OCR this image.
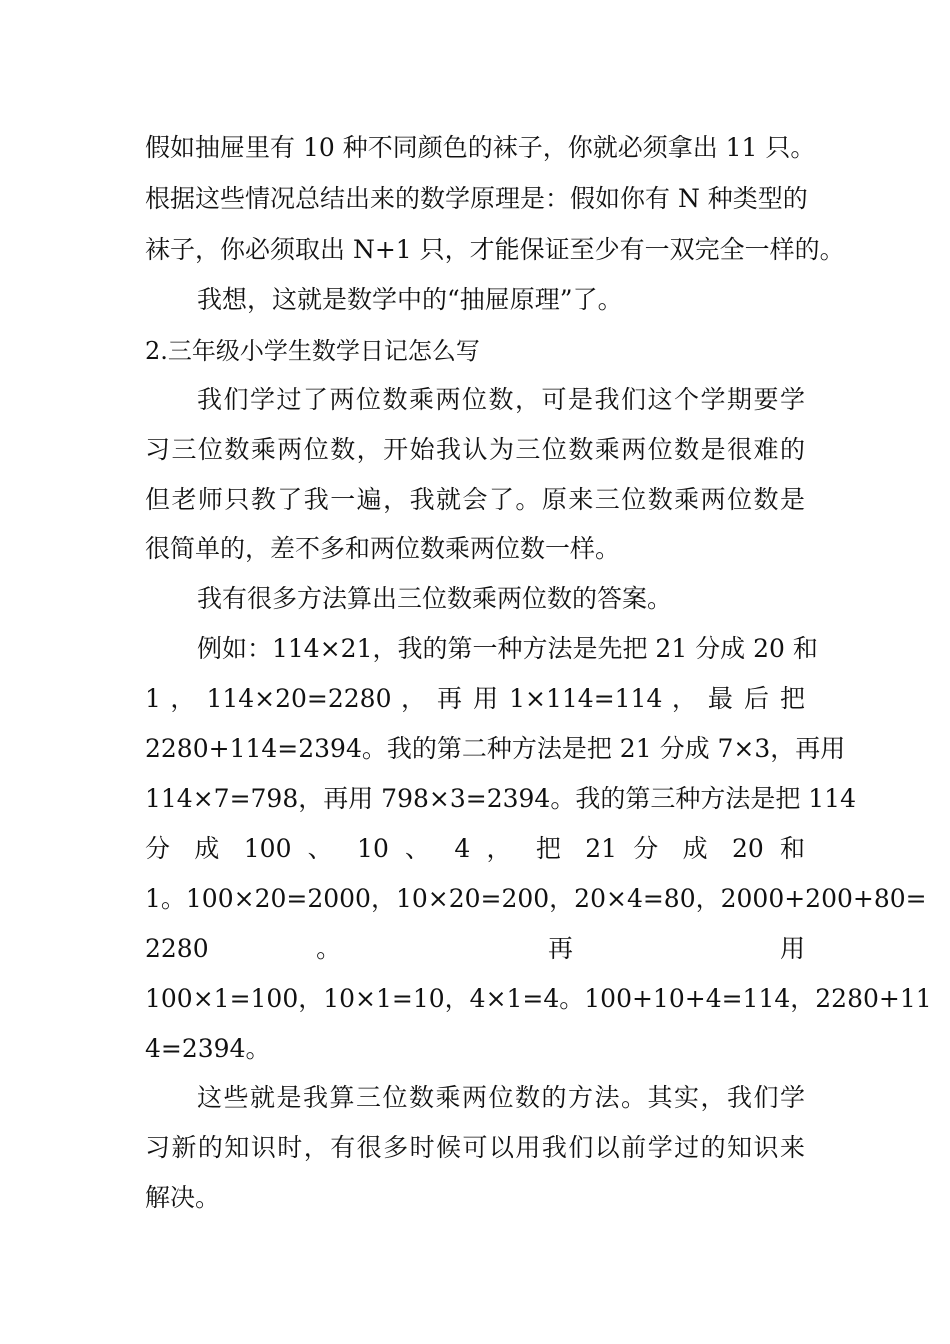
假如抽屉里有 10 种不同颜色的袜子，你就必须拿出 11 只。
根据这些情况总结出来的数学原理是：假如你有 N 种类型的
袜子，你必须取出 N+1 只，才能保证至少有一双完全一样的。
我想，这就是数学中的“抽屉原理”了。
2.三年级小学生数学日记怎么写
我们学过了两位数乘两位数，可是我们这个学期要学
习三位数乘两位数，开始我认为三位数乘两位数是很难的
但老师只教了我一遍，我就会了。原来三位数乘两位数是
很简单的，差不多和两位数乘两位数一样。
我有很多方法算出三位数乘两位数的答案。
例如：114×21，我的第一种方法是先把 21 分成 20 和
1 ， 114×20=2280 ， 再 用 1×114=114 ， 最 后 把
2280+114=2394。我的第二种方法是把 21 分成 7×3，再用
114×7=798，再用 798×3=2394。我的第三种方法是把 114
分 成 100 、 10 、 4 ， 把 21 分 成 20 和
1。100×20=2000，10×20=200，20×4=80，2000+200+80=
2280 。 再 用
100×1=100，10×1=10，4×1=4。100+10+4=114，2280+11
4=2394。
这些就是我算三位数乘两位数的方法。其实，我们学
习新的知识时，有很多时候可以用我们以前学过的知识来
解决。
